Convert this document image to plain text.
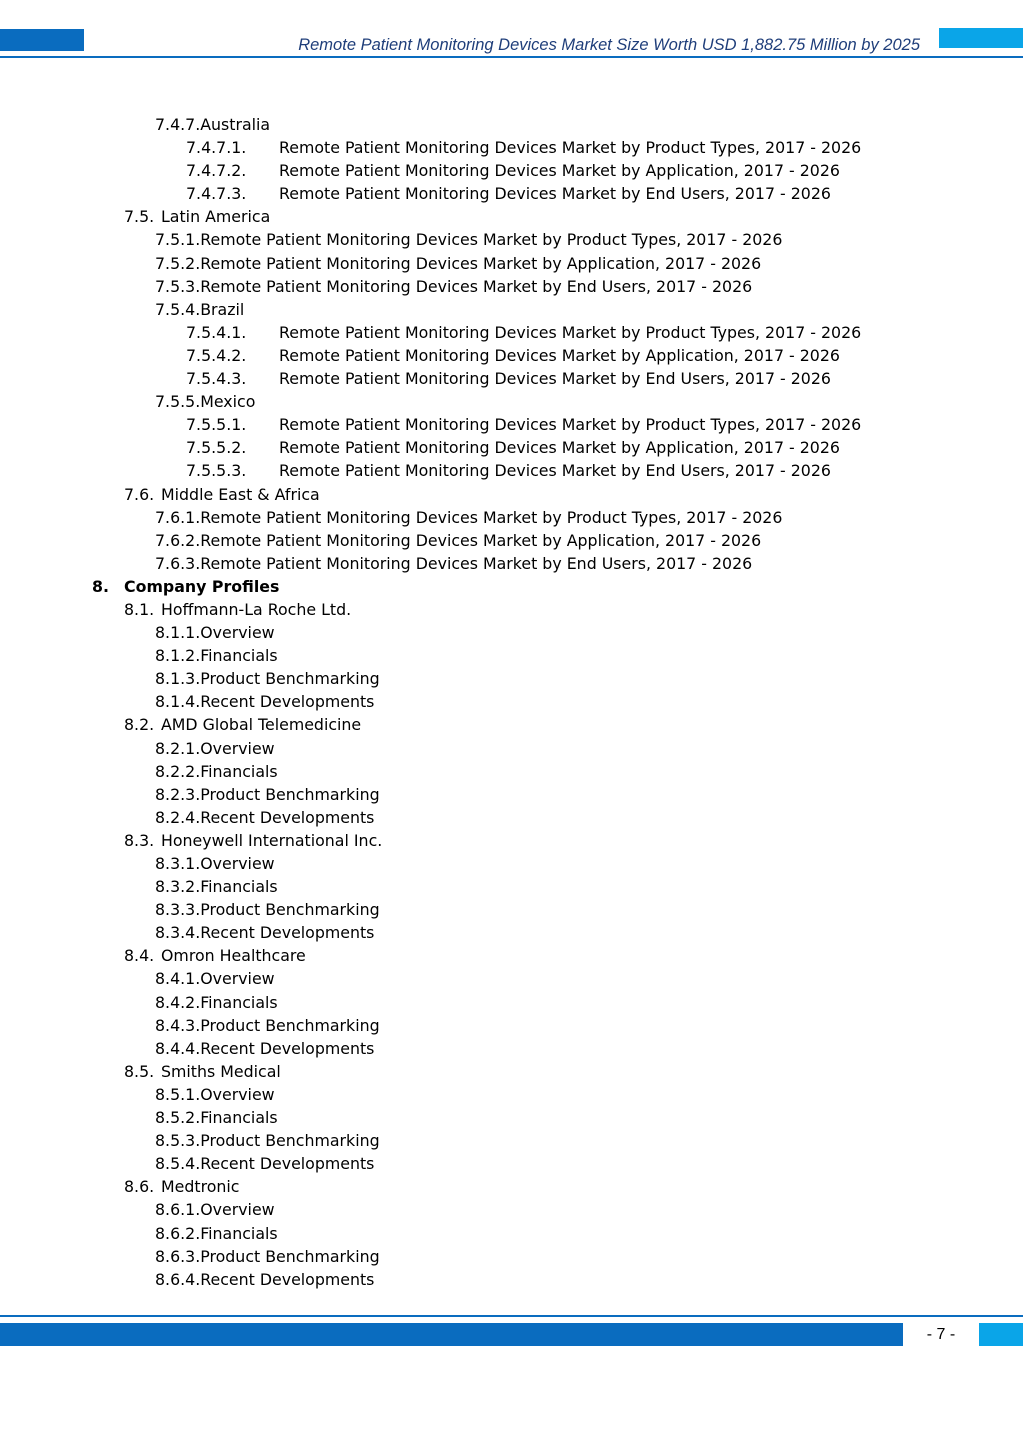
Remote Patient Monitoring Devices Market Size Worth USD 1,882.75 Million by 2025
7.4.7.Australia
7.4.7.1. Remote Patient Monitoring Devices Market by Product Types, 2017 - 2026
7.4.7.2. Remote Patient Monitoring Devices Market by Application, 2017 - 2026
7.4.7.3. Remote Patient Monitoring Devices Market by End Users, 2017 - 2026
7.5. Latin America
7.5.1.Remote Patient Monitoring Devices Market by Product Types, 2017 - 2026
7.5.2.Remote Patient Monitoring Devices Market by Application, 2017 - 2026
7.5.3.Remote Patient Monitoring Devices Market by End Users, 2017 - 2026
7.5.4.Brazil
7.5.4.1. Remote Patient Monitoring Devices Market by Product Types, 2017 - 2026
7.5.4.2. Remote Patient Monitoring Devices Market by Application, 2017 - 2026
7.5.4.3. Remote Patient Monitoring Devices Market by End Users, 2017 - 2026
7.5.5.Mexico
7.5.5.1. Remote Patient Monitoring Devices Market by Product Types, 2017 - 2026
7.5.5.2. Remote Patient Monitoring Devices Market by Application, 2017 - 2026
7.5.5.3. Remote Patient Monitoring Devices Market by End Users, 2017 - 2026
7.6. Middle East & Africa
7.6.1.Remote Patient Monitoring Devices Market by Product Types, 2017 - 2026
7.6.2.Remote Patient Monitoring Devices Market by Application, 2017 - 2026
7.6.3.Remote Patient Monitoring Devices Market by End Users, 2017 - 2026
8. Company Profiles
8.1. Hoffmann-La Roche Ltd.
8.1.1.Overview
8.1.2.Financials
8.1.3.Product Benchmarking
8.1.4.Recent Developments
8.2. AMD Global Telemedicine
8.2.1.Overview
8.2.2.Financials
8.2.3.Product Benchmarking
8.2.4.Recent Developments
8.3. Honeywell International Inc.
8.3.1.Overview
8.3.2.Financials
8.3.3.Product Benchmarking
8.3.4.Recent Developments
8.4. Omron Healthcare
8.4.1.Overview
8.4.2.Financials
8.4.3.Product Benchmarking
8.4.4.Recent Developments
8.5. Smiths Medical
8.5.1.Overview
8.5.2.Financials
8.5.3.Product Benchmarking
8.5.4.Recent Developments
8.6. Medtronic
8.6.1.Overview
8.6.2.Financials
8.6.3.Product Benchmarking
8.6.4.Recent Developments
- 7 -
